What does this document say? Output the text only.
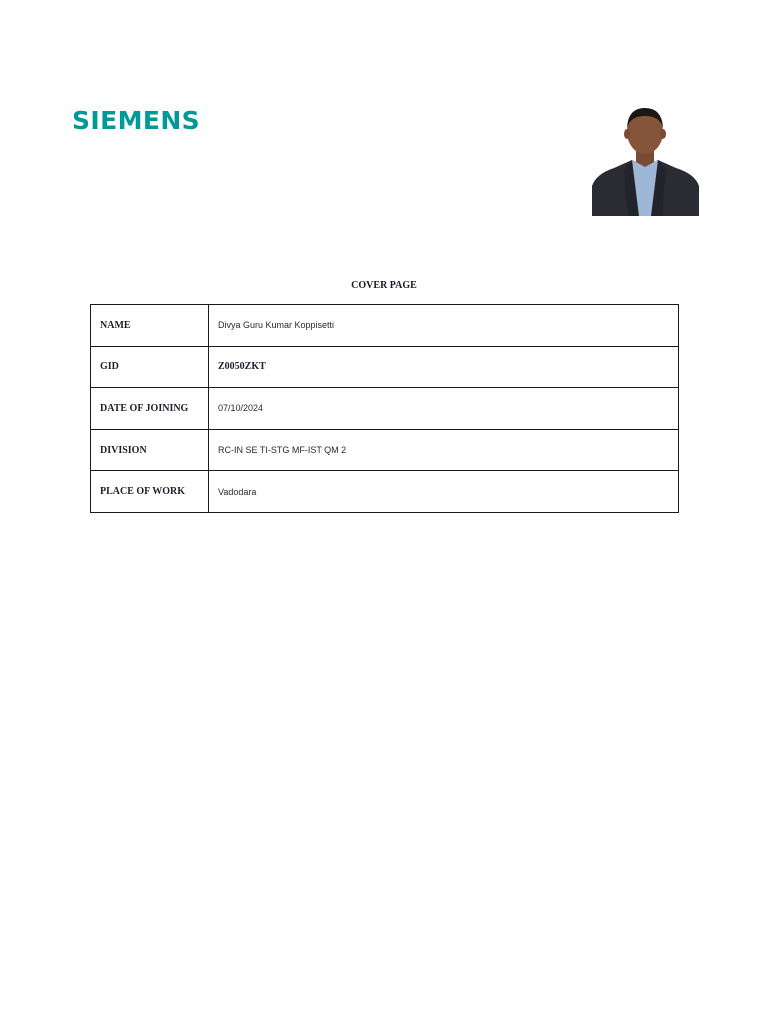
SIEMENS
COVER PAGE
NAME	Divya Guru Kumar Koppisetti
GID	Z0050ZKT
DATE OF JOINING	07/10/2024
DIVISION	RC-IN SE TI-STG MF-IST QM 2
PLACE OF WORK	Vadodara
